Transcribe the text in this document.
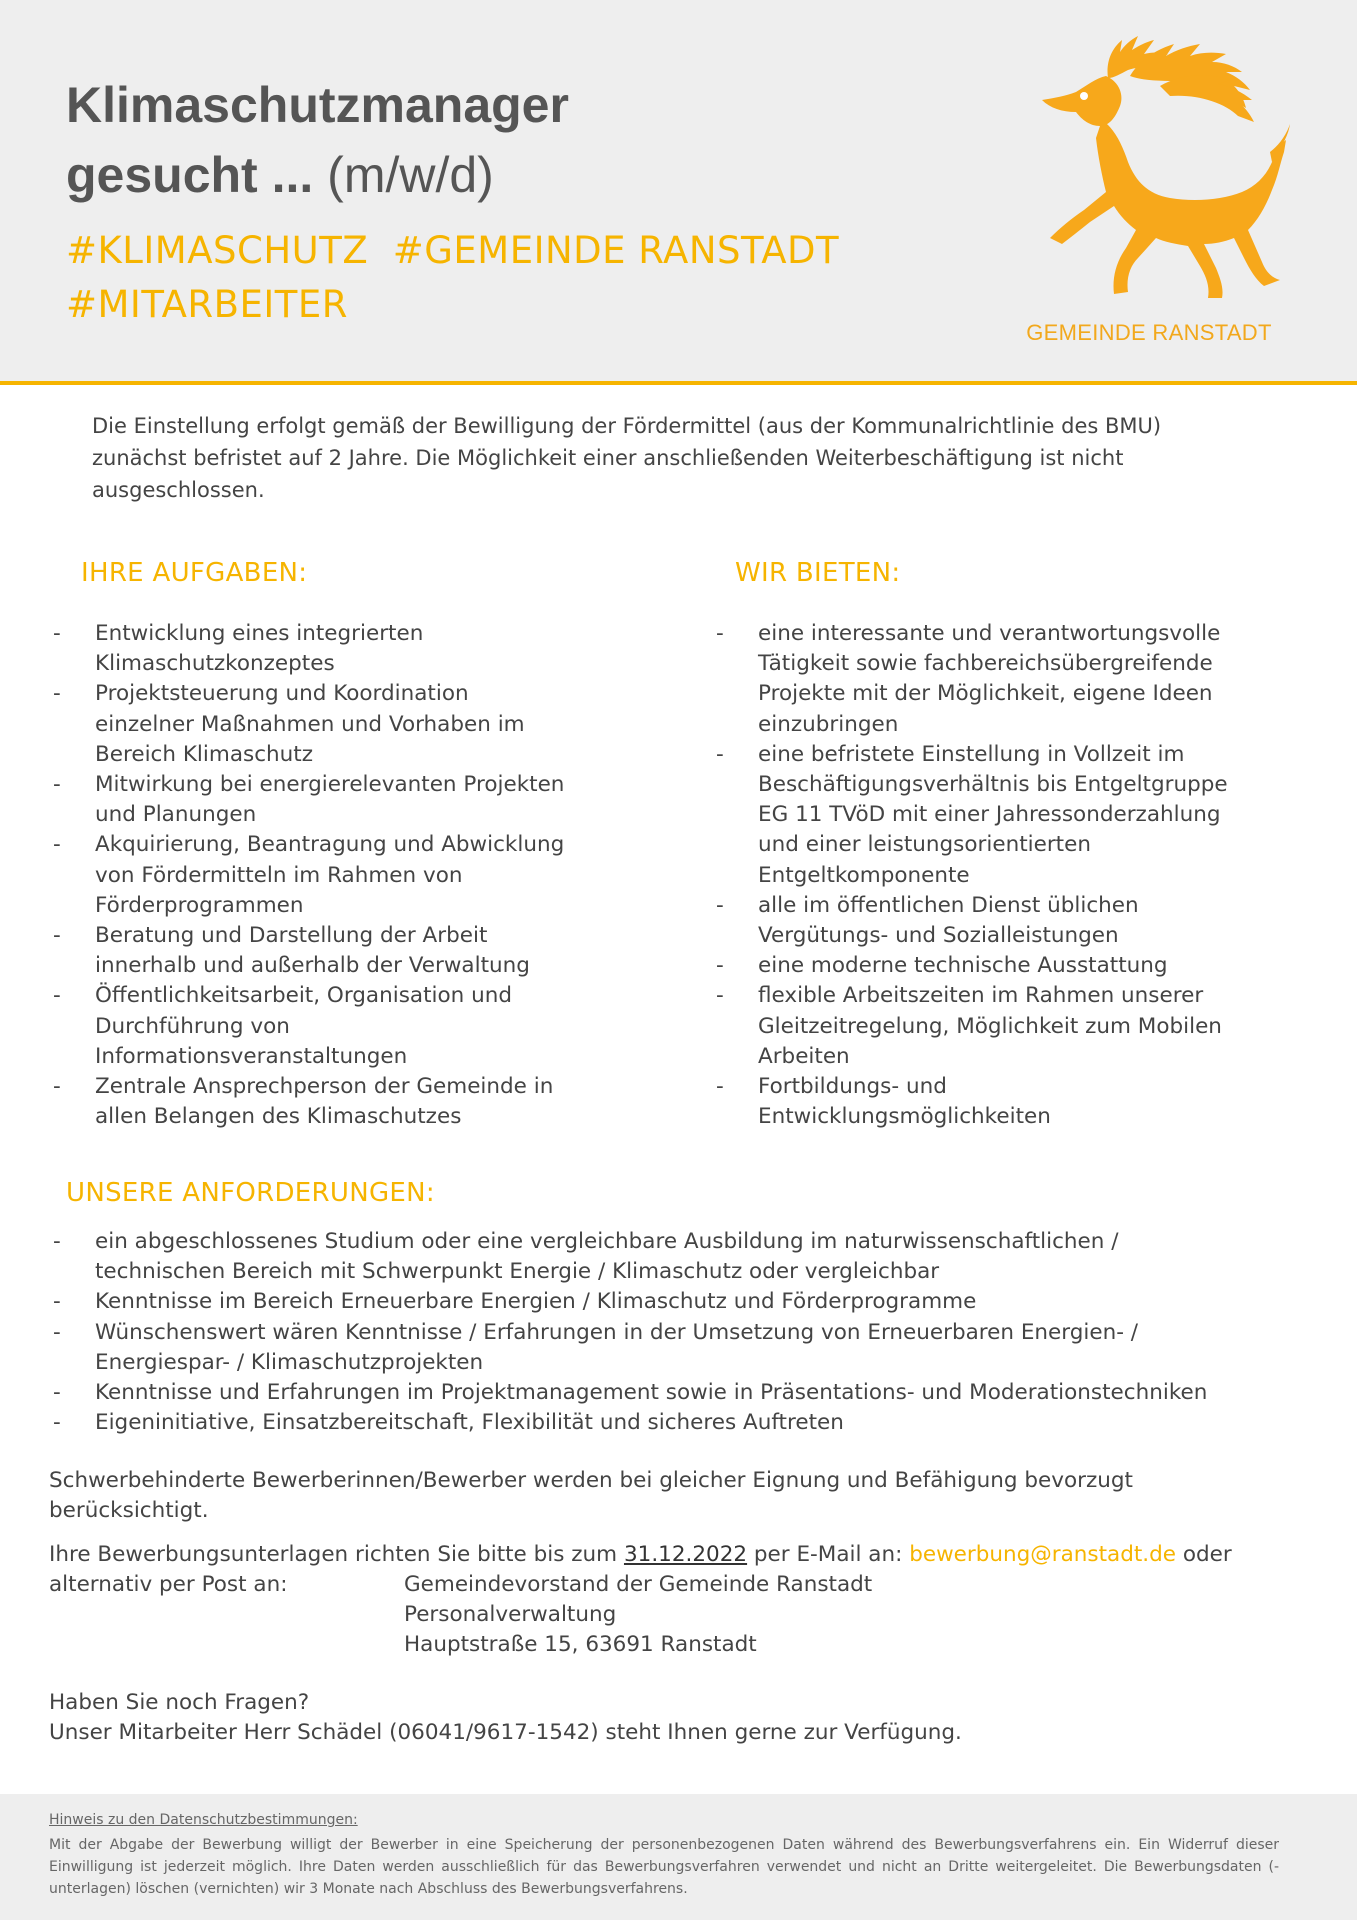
Klimaschutzmanager
gesucht ... (m/w/d)
#KLIMASCHUTZ  #GEMEINDE RANSTADT
#MITARBEITER
GEMEINDE RANSTADT
Die Einstellung erfolgt gemäß der Bewilligung der Fördermittel (aus der Kommunalrichtlinie des BMU)
zunächst befristet auf 2 Jahre. Die Möglichkeit einer anschließenden Weiterbeschäftigung ist nicht
ausgeschlossen.
IHRE AUFGABEN:
- Entwicklung eines integrierten
Klimaschutzkonzeptes
- Projektsteuerung und Koordination
einzelner Maßnahmen und Vorhaben im
Bereich Klimaschutz
- Mitwirkung bei energierelevanten Projekten
und Planungen
- Akquirierung, Beantragung und Abwicklung
von Fördermitteln im Rahmen von
Förderprogrammen
- Beratung und Darstellung der Arbeit
innerhalb und außerhalb der Verwaltung
- Öffentlichkeitsarbeit, Organisation und
Durchführung von
Informationsveranstaltungen
- Zentrale Ansprechperson der Gemeinde in
allen Belangen des Klimaschutzes
WIR BIETEN:
- eine interessante und verantwortungsvolle
Tätigkeit sowie fachbereichsübergreifende
Projekte mit der Möglichkeit, eigene Ideen
einzubringen
- eine befristete Einstellung in Vollzeit im
Beschäftigungsverhältnis bis Entgeltgruppe
EG 11 TVöD mit einer Jahressonderzahlung
und einer leistungsorientierten
Entgeltkomponente
- alle im öffentlichen Dienst üblichen
Vergütungs- und Sozialleistungen
- eine moderne technische Ausstattung
- flexible Arbeitszeiten im Rahmen unserer
Gleitzeitregelung, Möglichkeit zum Mobilen
Arbeiten
- Fortbildungs- und
Entwicklungsmöglichkeiten
UNSERE ANFORDERUNGEN:
- ein abgeschlossenes Studium oder eine vergleichbare Ausbildung im naturwissenschaftlichen /
technischen Bereich mit Schwerpunkt Energie / Klimaschutz oder vergleichbar
- Kenntnisse im Bereich Erneuerbare Energien / Klimaschutz und Förderprogramme
- Wünschenswert wären Kenntnisse / Erfahrungen in der Umsetzung von Erneuerbaren Energien- /
Energiespar- / Klimaschutzprojekten
- Kenntnisse und Erfahrungen im Projektmanagement sowie in Präsentations- und Moderationstechniken
- Eigeninitiative, Einsatzbereitschaft, Flexibilität und sicheres Auftreten
Schwerbehinderte Bewerberinnen/Bewerber werden bei gleicher Eignung und Befähigung bevorzugt
berücksichtigt.
Ihre Bewerbungsunterlagen richten Sie bitte bis zum 31.12.2022 per E-Mail an: bewerbung@ranstadt.de oder
alternativ per Post an:	Gemeindevorstand der Gemeinde Ranstadt
Personalverwaltung
Hauptstraße 15, 63691 Ranstadt
Haben Sie noch Fragen?
Unser Mitarbeiter Herr Schädel (06041/9617-1542) steht Ihnen gerne zur Verfügung.
Hinweis zu den Datenschutzbestimmungen:
Mit der Abgabe der Bewerbung willigt der Bewerber in eine Speicherung der personenbezogenen Daten während des Bewerbungsverfahrens ein. Ein Widerruf dieser Einwilligung ist jederzeit möglich. Ihre Daten werden ausschließlich für das Bewerbungsverfahren verwendet und nicht an Dritte weitergeleitet. Die Bewerbungsdaten (-unterlagen) löschen (vernichten) wir 3 Monate nach Abschluss des Bewerbungsverfahrens.
